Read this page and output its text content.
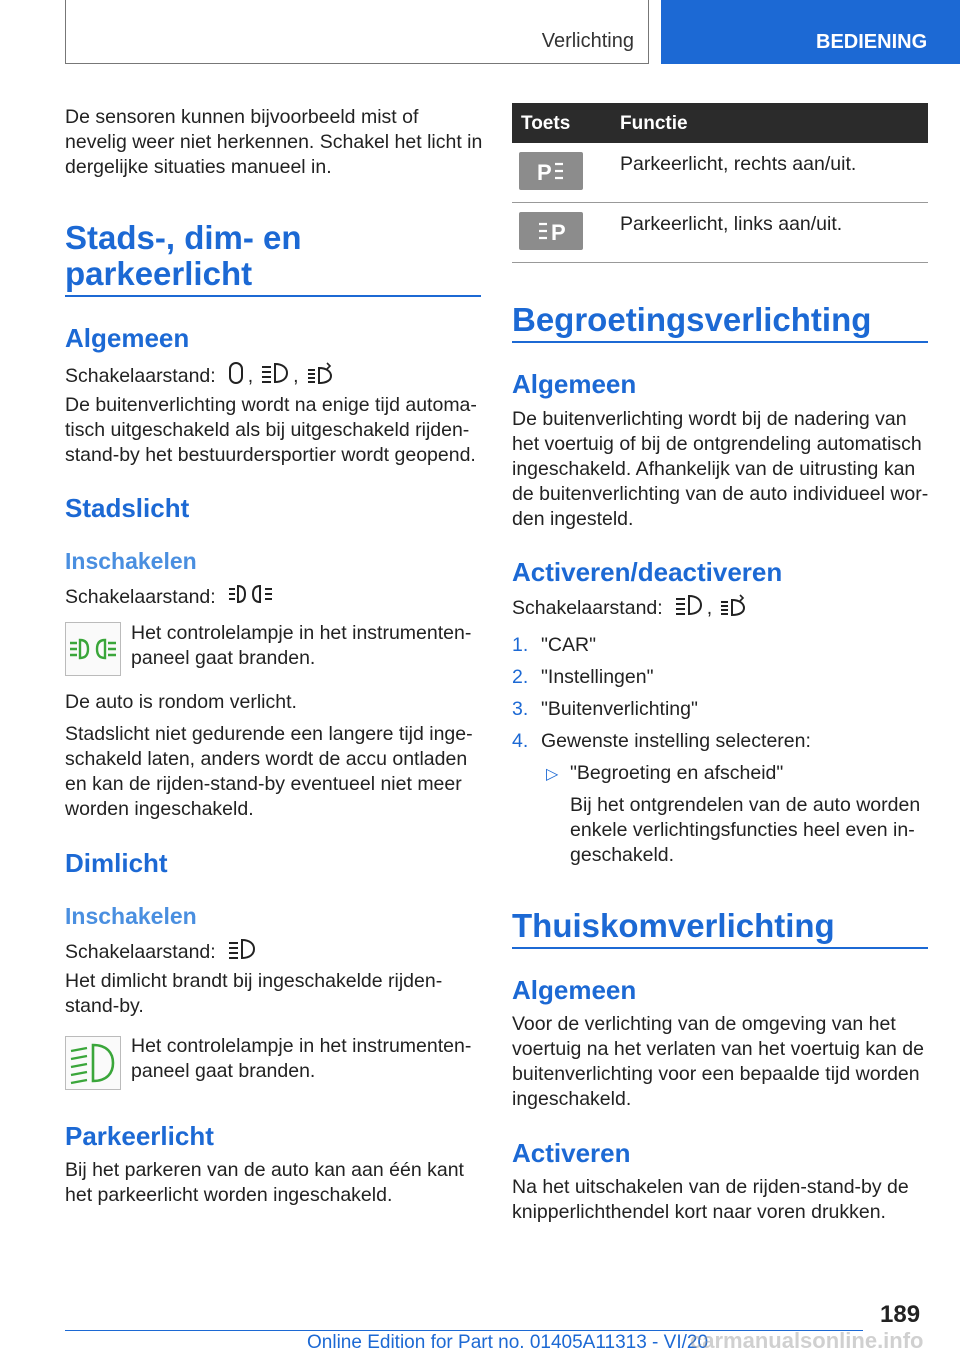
Verlichting	BEDIENING

De sensoren kunnen bijvoorbeeld mist of nevelig weer niet herkennen. Schakel het licht in dergelijke situaties manueel in.

Stads-, dim- en parkeerlicht
Algemeen
Schakelaarstand: , ,

De buitenverlichting wordt na enige tijd automatisch uitgeschakeld als bij uitgeschakeld rijden-stand-by het bestuurdersportier wordt geopend.

Stadslicht
Inschakelen
Schakelaarstand:

Het controlelampje in het instrumentenpaneel gaat branden.

De auto is rondom verlicht.

Stadslicht niet gedurende een langere tijd ingeschakeld laten, anders wordt de accu ontladen en kan de rijden-stand-by eventueel niet meer worden ingeschakeld.

Dimlicht
Inschakelen
Schakelaarstand:

Het dimlicht brandt bij ingeschakelde rijden-stand-by.

Het controlelampje in het instrumentenpaneel gaat branden.

Parkeerlicht

Bij het parkeren van de auto kan aan één kant het parkeerlicht worden ingeschakeld.

Toets	Functie
P	Parkeerlicht, rechts aan/uit.
P	Parkeerlicht, links aan/uit.
Begroetingsverlichting
Algemeen

De buitenverlichting wordt bij de nadering van het voertuig of bij de ontgrendeling automatisch ingeschakeld. Afhankelijk van de uitrusting kan de buitenverlichting van de auto individueel worden ingesteld.

Activeren/deactiveren
Schakelaarstand: ,
1. "CAR"
2. "Instellingen"
3. "Buitenverlichting"
4. Gewenste instelling selecteren:
▷ "Begroeting en afscheid"

Bij het ontgrendelen van de auto worden enkele verlichtingsfuncties heel even ingeschakeld.

Thuiskomverlichting
Algemeen

Voor de verlichting van de omgeving van het voertuig na het verlaten van het voertuig kan de buitenverlichting voor een bepaalde tijd worden ingeschakeld.

Activeren

Na het uitschakelen van de rijden-stand-by de knipperlichthendel kort naar voren drukken.

189
Online Edition for Part no. 01405A11313 - VI/20
carmanualsonline.info
